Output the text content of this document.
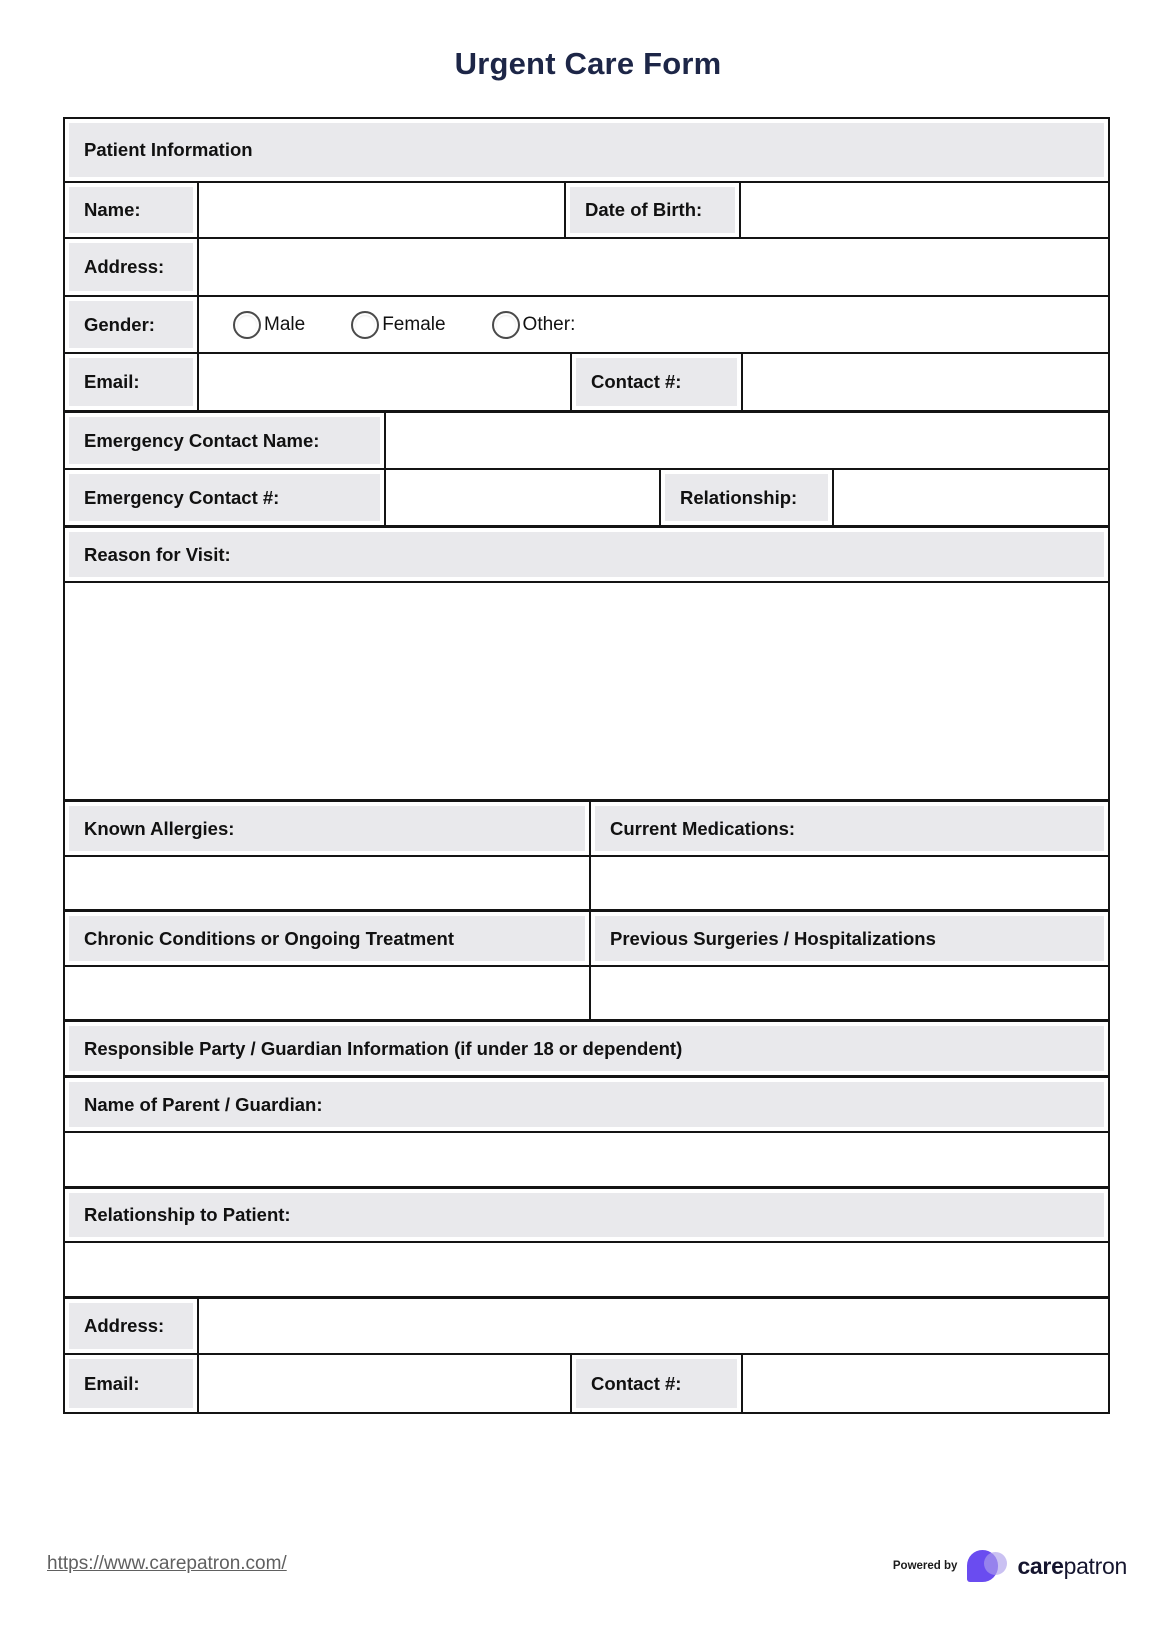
Urgent Care Form
Patient Information
Name:	Date of Birth:
Address:
Gender:	Male	Female	Other:
Email:	Contact #:
Emergency Contact Name:
Emergency Contact #:	Relationship:
Reason for Visit:
Known Allergies:	Current Medications:
Chronic Conditions or Ongoing Treatment	Previous Surgeries / Hospitalizations
Responsible Party / Guardian Information (if under 18 or dependent)
Name of Parent / Guardian:
Relationship to Patient:
Address:
Email:	Contact #:
https://www.carepatron.com/	Powered by	carepatron
